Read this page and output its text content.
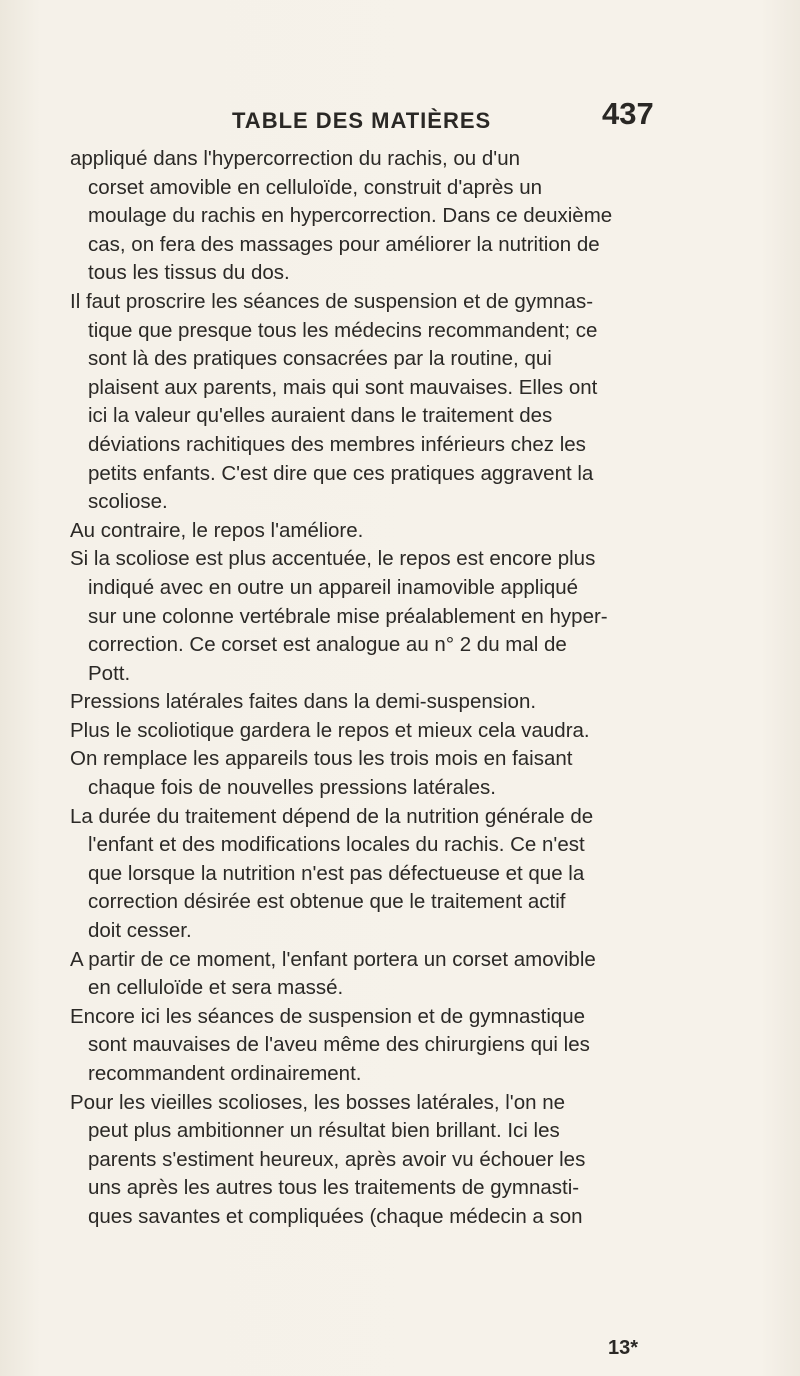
TABLE DES MATIÈRES	437

appliqué dans l'hypercorrection du rachis, ou d'un
corset amovible en celluloïde, construit d'après un
moulage du rachis en hypercorrection. Dans ce deuxième
cas, on fera des massages pour améliorer la nutrition de
tous les tissus du dos.

Il faut proscrire les séances de suspension et de gymnas-
tique que presque tous les médecins recommandent; ce
sont là des pratiques consacrées par la routine, qui
plaisent aux parents, mais qui sont mauvaises. Elles ont
ici la valeur qu'elles auraient dans le traitement des
déviations rachitiques des membres inférieurs chez les
petits enfants. C'est dire que ces pratiques aggravent la
scoliose.

Au contraire, le repos l'améliore.

Si la scoliose est plus accentuée, le repos est encore plus
indiqué avec en outre un appareil inamovible appliqué
sur une colonne vertébrale mise préalablement en hyper-
correction. Ce corset est analogue au n° 2 du mal de
Pott.

Pressions latérales faites dans la demi-suspension.

Plus le scoliotique gardera le repos et mieux cela vaudra.

On remplace les appareils tous les trois mois en faisant
chaque fois de nouvelles pressions latérales.

La durée du traitement dépend de la nutrition générale de
l'enfant et des modifications locales du rachis. Ce n'est
que lorsque la nutrition n'est pas défectueuse et que la
correction désirée est obtenue que le traitement actif
doit cesser.

A partir de ce moment, l'enfant portera un corset amovible
en celluloïde et sera massé.

Encore ici les séances de suspension et de gymnastique
sont mauvaises de l'aveu même des chirurgiens qui les
recommandent ordinairement.

Pour les vieilles scolioses, les bosses latérales, l'on ne
peut plus ambitionner un résultat bien brillant. Ici les
parents s'estiment heureux, après avoir vu échouer les
uns après les autres tous les traitements de gymnasti-
ques savantes et compliquées (chaque médecin a son

13*
